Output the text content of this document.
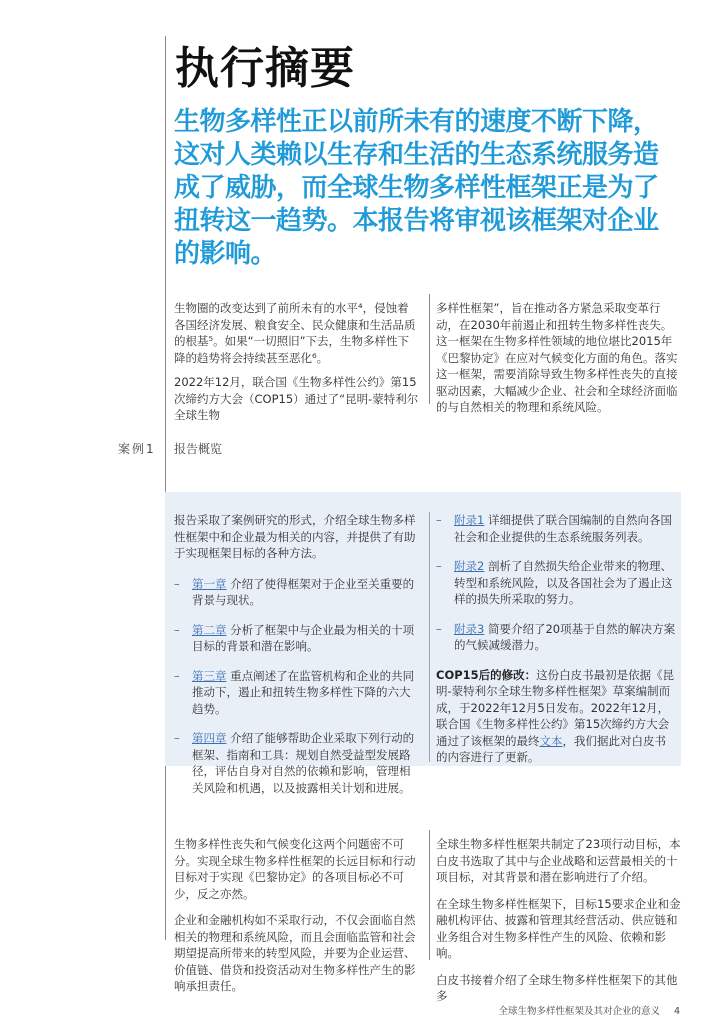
执行摘要
生物多样性正以前所未有的速度不断下降，这对人类赖以生存和生活的生态系统服务造成了威胁，而全球生物多样性框架正是为了扭转这一趋势。本报告将审视该框架对企业的影响。

生物圈的改变达到了前所未有的水平⁴，侵蚀着各国经济发展、粮食安全、民众健康和生活品质的根基⁵。如果“一切照旧”下去，生物多样性下降的趋势将会持续甚至恶化⁶。

2022年12月，联合国《生物多样性公约》第15次缔约方大会（COP15）通过了“昆明-蒙特利尔全球生物

多样性框架”，旨在推动各方紧急采取变革行动，在2030年前遏止和扭转生物多样性丧失。这一框架在生物多样性领域的地位堪比2015年《巴黎协定》在应对气候变化方面的角色。落实这一框架，需要消除导致生物多样性丧失的直接驱动因素，大幅减少企业、社会和全球经济面临的与自然相关的物理和系统风险。

案例1 报告概览

报告采取了案例研究的形式，介绍全球生物多样性框架中和企业最为相关的内容，并提供了有助于实现框架目标的各种方法。

– 第一章 介绍了使得框架对于企业至关重要的背景与现状。
– 第二章 分析了框架中与企业最为相关的十项目标的背景和潜在影响。
– 第三章 重点阐述了在监管机构和企业的共同推动下，遏止和扭转生物多样性下降的六大趋势。
– 第四章 介绍了能够帮助企业采取下列行动的框架、指南和工具：规划自然受益型发展路径，评估自身对自然的依赖和影响，管理相关风险和机遇，以及披露相关计划和进展。
– 附录1 详细提供了联合国编制的自然向各国社会和企业提供的生态系统服务列表。
– 附录2 剖析了自然损失给企业带来的物理、转型和系统风险，以及各国社会为了遏止这样的损失所采取的努力。
– 附录3 简要介绍了20项基于自然的解决方案的气候减缓潜力。

COP15后的修改：这份白皮书最初是依据《昆明-蒙特利尔全球生物多样性框架》草案编制而成，于2022年12月5日发布。2022年12月，联合国《生物多样性公约》第15次缔约方大会通过了该框架的最终文本，我们据此对白皮书的内容进行了更新。

生物多样性丧失和气候变化这两个问题密不可分。实现全球生物多样性框架的长远目标和行动目标对于实现《巴黎协定》的各项目标必不可少，反之亦然。

企业和金融机构如不采取行动，不仅会面临自然相关的物理和系统风险，而且会面临监管和社会期望提高所带来的转型风险，并要为企业运营、价值链、借贷和投资活动对生物多样性产生的影响承担责任。

全球生物多样性框架共制定了23项行动目标，本白皮书选取了其中与企业战略和运营最相关的十项目标，对其背景和潜在影响进行了介绍。

在全球生物多样性框架下，目标15要求企业和金融机构评估、披露和管理其经营活动、供应链和业务组合对生物多样性产生的风险、依赖和影响。

白皮书接着介绍了全球生物多样性框架下的其他多

全球生物多样性框架及其对企业的意义 4
